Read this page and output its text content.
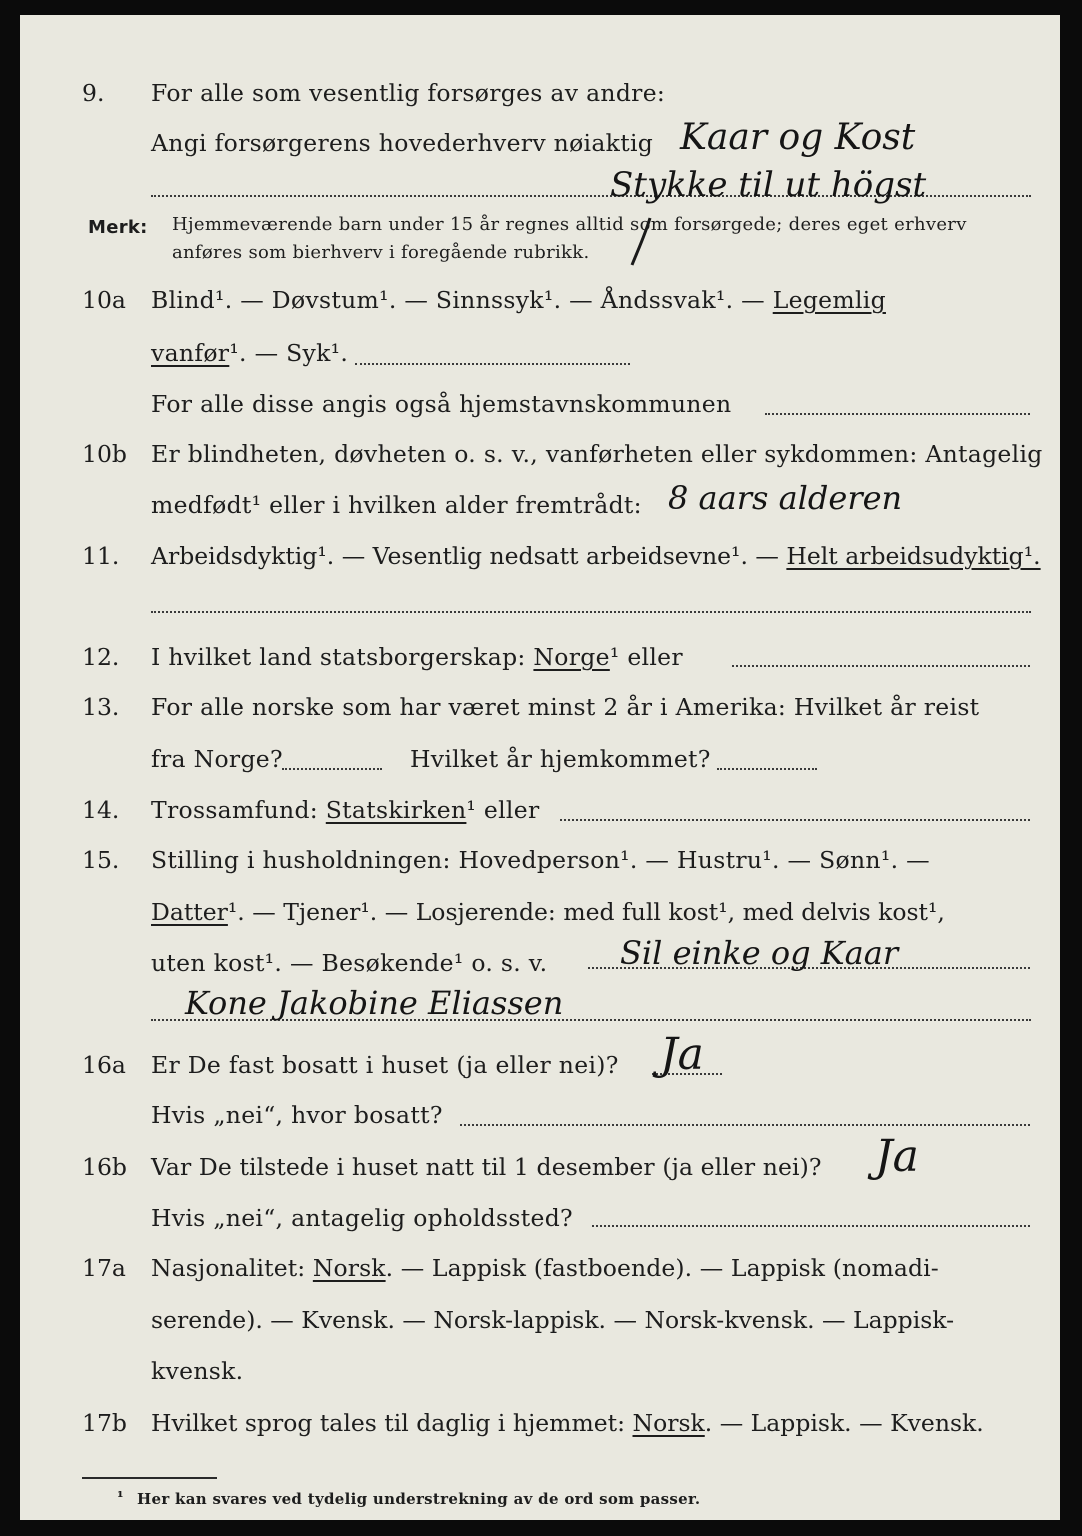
9. For alle som vesentlig forsørges av andre:
Angi forsørgerens hovederhverv nøiaktig Kaar og Kost
Stykke til ut högst
Merk: Hjemmeværende barn under 15 år regnes alltid som forsørgede; deres eget erhverv
anføres som bierhverv i foregående rubrikk.
10a Blind¹. — Døvstum¹. — Sinnssyk¹. — Åndssvak¹. — Legemlig
vanfør¹. — Syk¹.
For alle disse angis også hjemstavnskommunen
10b Er blindheten, døvheten o. s. v., vanførheten eller sykdommen: Antagelig
medfødt¹ eller i hvilken alder fremtrådt: 8 aars alderen
11. Arbeidsdyktig¹. — Vesentlig nedsatt arbeidsevne¹. — Helt arbeidsudyktig¹.
12. I hvilket land statsborgerskap: Norge¹ eller
13. For alle norske som har været minst 2 år i Amerika: Hvilket år reist
fra Norge?	Hvilket år hjemkommet?
14. Trossamfund: Statskirken¹ eller
15. Stilling i husholdningen: Hovedperson¹. — Hustru¹. — Sønn¹. —
Datter¹. — Tjener¹. — Losjerende: med full kost¹, med delvis kost¹,
uten kost¹. — Besøkende¹ o. s. v. Sil einke og Kaar
Kone Jakobine Eliassen
16a Er De fast bosatt i huset (ja eller nei)? Ja
Hvis „nei“, hvor bosatt?
16b Var De tilstede i huset natt til 1 desember (ja eller nei)? Ja
Hvis „nei“, antagelig opholdssted?
17a Nasjonalitet: Norsk. — Lappisk (fastboende). — Lappisk (nomadi-
serende). — Kvensk. — Norsk-lappisk. — Norsk-kvensk. — Lappisk-
kvensk.
17b Hvilket sprog tales til daglig i hjemmet: Norsk. — Lappisk. — Kvensk.
¹ Her kan svares ved tydelig understrekning av de ord som passer.
